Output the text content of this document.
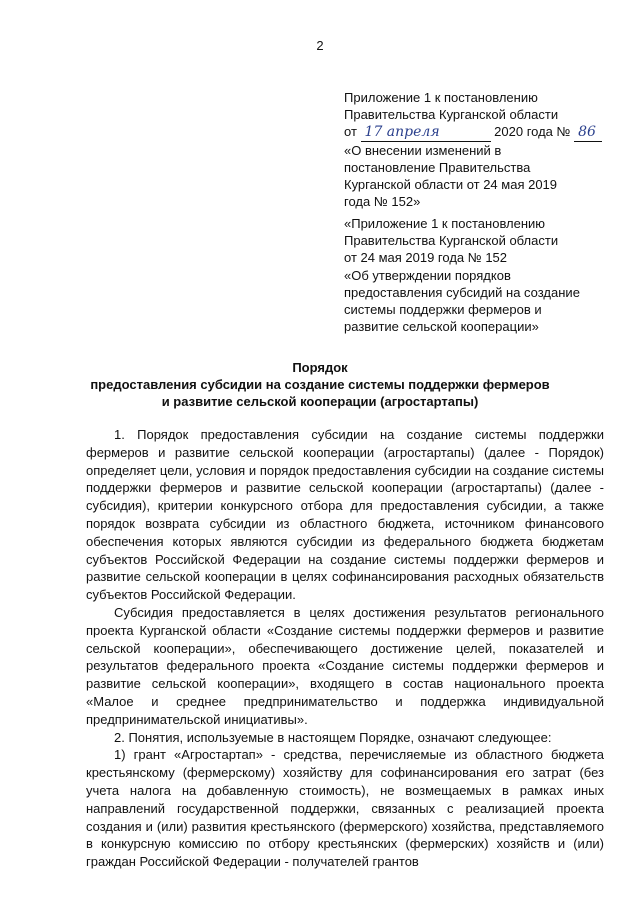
2
Приложение 1 к постановлению
Правительства Курганской области
от 17 апреля	2020 года № 86
«О внесении изменений в
постановление Правительства
Курганской области от 24 мая 2019
года № 152»
«Приложение 1 к постановлению
Правительства Курганской области
от 24 мая 2019 года № 152
«Об утверждении порядков
предоставления субсидий на создание
системы поддержки фермеров и
развитие сельской кооперации»
Порядок
предоставления субсидии на создание системы поддержки фермеров
и развитие сельской кооперации (агростартапы)

1. Порядок предоставления субсидии на создание системы поддержки фермеров и развитие сельской кооперации (агростартапы) (далее - Порядок) определяет цели, условия и порядок предоставления субсидии на создание системы поддержки фермеров и развитие сельской кооперации (агростартапы) (далее - субсидия), критерии конкурсного отбора для предоставления субсидии, а также порядок возврата субсидии из областного бюджета, источником финансового обеспечения которых являются субсидии из федерального бюджета бюджетам субъектов Российской Федерации на создание системы поддержки фермеров и развитие сельской кооперации в целях софинансирования расходных обязательств субъектов Российской Федерации.

Субсидия предоставляется в целях достижения результатов регионального проекта Курганской области «Создание системы поддержки фермеров и развитие сельской кооперации», обеспечивающего достижение целей, показателей и результатов федерального проекта «Создание системы поддержки фермеров и развитие сельской кооперации», входящего в состав национального проекта «Малое и среднее предпринимательство и поддержка индивидуальной предпринимательской инициативы».

2. Понятия, используемые в настоящем Порядке, означают следующее:

1) грант «Агростартап» - средства, перечисляемые из областного бюджета крестьянскому (фермерскому) хозяйству для софинансирования его затрат (без учета налога на добавленную стоимость), не возмещаемых в рамках иных направлений государственной поддержки, связанных с реализацией проекта создания и (или) развития крестьянского (фермерского) хозяйства, представляемого в конкурсную комиссию по отбору крестьянских (фермерских) хозяйств и (или) граждан Российской Федерации - получателей грантов
